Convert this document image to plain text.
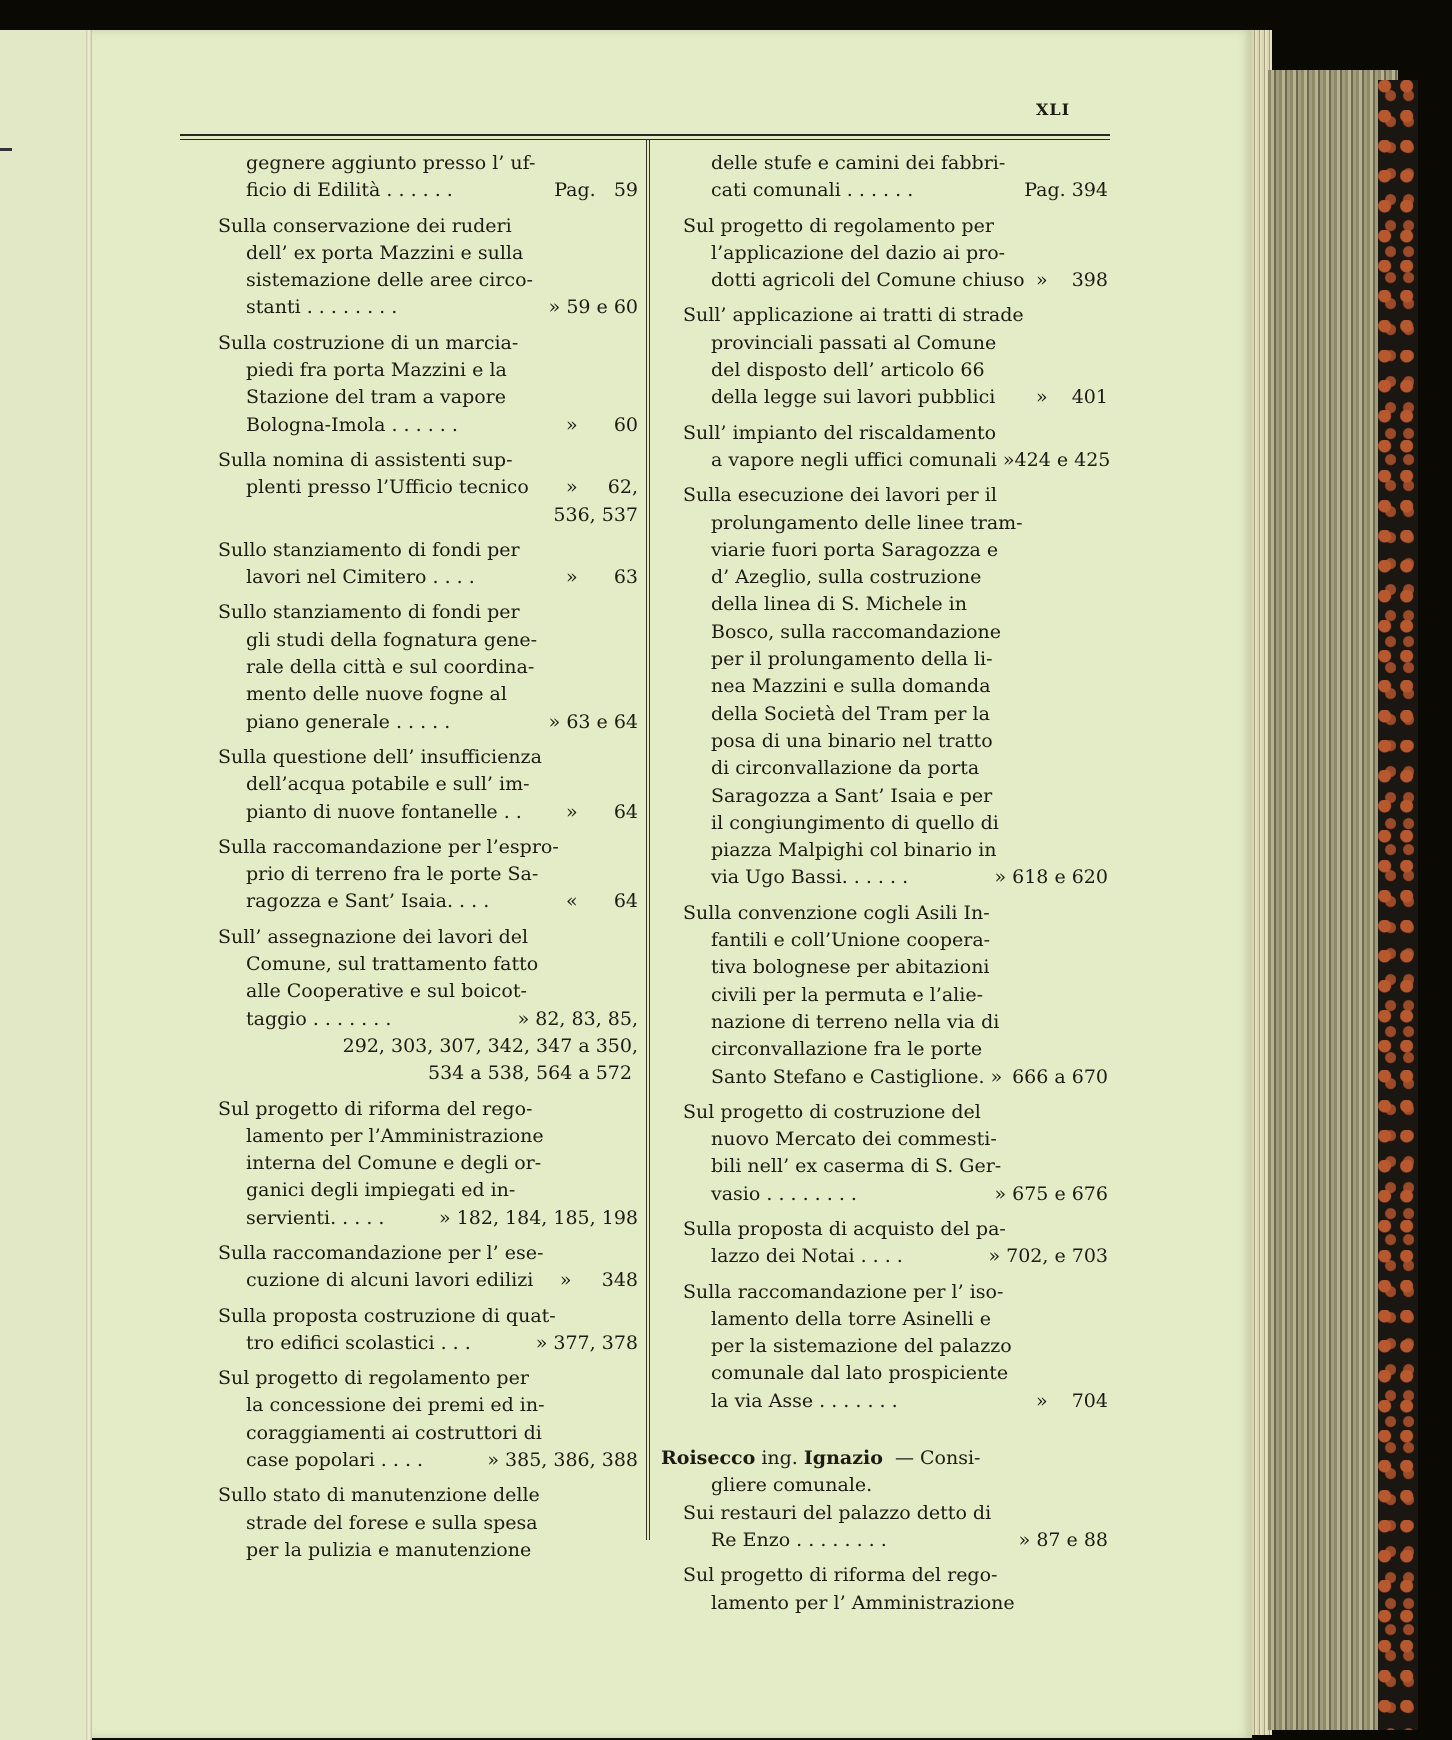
XLI
gegnere aggiunto presso l’ uf-
ficio di Edilità . . . . . .	Pag.   59
Sulla conservazione dei ruderi
dell’ ex porta Mazzini e sulla
sistemazione delle aree circo-
stanti . . . . . . . .	» 59 e 60
Sulla costruzione di un marcia-
piedi fra porta Mazzini e la
Stazione del tram a vapore
Bologna-Imola . . . . . .	»      60
Sulla nomina di assistenti sup-
plenti presso l’Ufficio tecnico »     62,
536, 537
Sullo stanziamento di fondi per
lavori nel Cimitero . . . .	»      63
Sullo stanziamento di fondi per
gli studi della fognatura gene-
rale della città e sul coordina-
mento delle nuove fogne al
piano generale . . . . .	» 63 e 64
Sulla questione dell’ insufficienza
dell’acqua potabile e sull’ im-
pianto di nuove fontanelle . . »      64
Sulla raccomandazione per l’espro-
prio di terreno fra le porte Sa-
ragozza e Sant’ Isaia. . . .	«      64
Sull’ assegnazione dei lavori del
Comune, sul trattamento fatto
alle Cooperative e sul boicot-
taggio . . . . . . .	» 82, 83, 85,
292, 303, 307, 342, 347 a 350,
534 a 538, 564 a 572
Sul progetto di riforma del rego-
lamento per l’Amministrazione
interna del Comune e degli or-
ganici degli impiegati ed in-
servienti. . . . .	» 182, 184, 185, 198
Sulla raccomandazione per l’ ese-
cuzione di alcuni lavori edilizi »     348
Sulla proposta costruzione di quat-
tro edifici scolastici . . .	» 377, 378
Sul progetto di regolamento per
la concessione dei premi ed in-
coraggiamenti ai costruttori di
case popolari . . . .	» 385, 386, 388
Sullo stato di manutenzione delle
strade del forese e sulla spesa
per la pulizia e manutenzione
delle stufe e camini dei fabbri-
cati comunali . . . . . .	Pag. 394
Sul progetto di regolamento per
l’applicazione del dazio ai pro-
dotti agricoli del Comune chiuso »    398
Sull’ applicazione ai tratti di strade
provinciali passati al Comune
del disposto dell’ articolo 66
della legge sui lavori pubblici »    401
Sull’ impianto del riscaldamento
a vapore negli uffici comunali » 424 e 425
Sulla esecuzione dei lavori per il
prolungamento delle linee tram-
viarie fuori porta Saragozza e
d’ Azeglio, sulla costruzione
della linea di S. Michele in
Bosco, sulla raccomandazione
per il prolungamento della li-
nea Mazzini e sulla domanda
della Società del Tram per la
posa di una binario nel tratto
di circonvallazione da porta
Saragozza a Sant’ Isaia e per
il congiungimento di quello di
piazza Malpighi col binario in
via Ugo Bassi. . . . . .	» 618 e 620
Sulla convenzione cogli Asili In-
fantili e coll’Unione coopera-
tiva bolognese per abitazioni
civili per la permuta e l’alie-
nazione di terreno nella via di
circonvallazione fra le porte
Santo Stefano e Castiglione. » 666 a 670
Sul progetto di costruzione del
nuovo Mercato dei commesti-
bili nell’ ex caserma di S. Ger-
vasio . . . . . . . .	» 675 e 676
Sulla proposta di acquisto del pa-
lazzo dei Notai . . . .	» 702, e 703
Sulla raccomandazione per l’ iso-
lamento della torre Asinelli e
per la sistemazione del palazzo
comunale dal lato prospiciente
la via Asse . . . . . . .	»    704
Roisecco ing. Ignazio — Consi-
gliere comunale.
Sui restauri del palazzo detto di
Re Enzo . . . . . . . .	» 87 e 88
Sul progetto di riforma del rego-
lamento per l’ Amministrazione
